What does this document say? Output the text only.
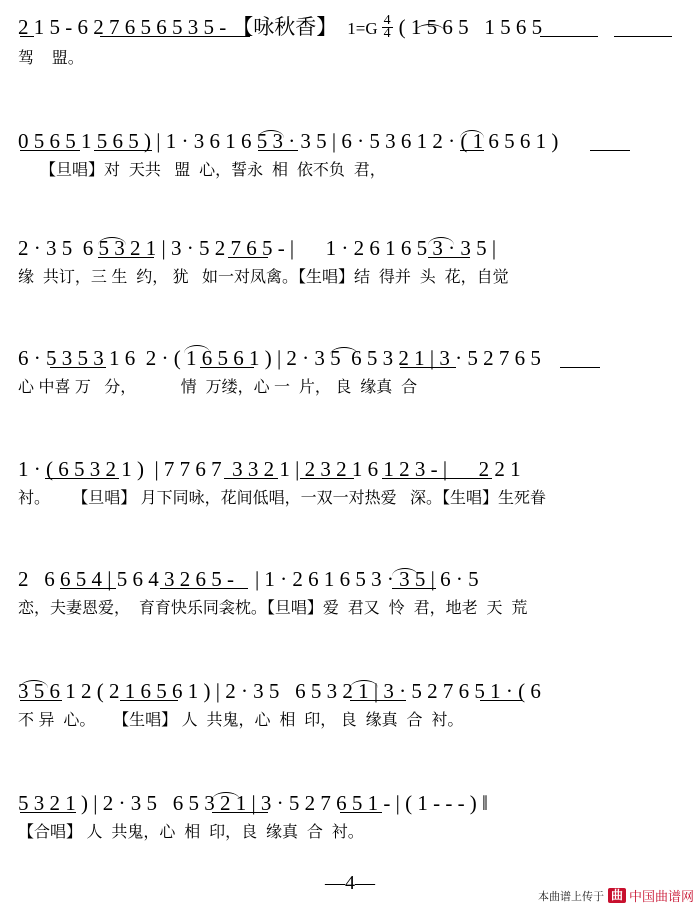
2 1 5 - 6 2 7 6 5 6 5 3 5 - 【咏秋香】 $1=G \frac{4}{4}$ ( 1 5 6 5   1 5 6 5
驾    盟。
0 5 6 5 1 5 6 5 ) | 1 · 3 6 1 6 5 3 · 3 5 | 6 · 5 3 6 1 2 · ( 1 6 5 6 1 )
【旦唱】对  天共   盟  心，誓永  相  依不负  君，
2 · 3 5  6 5 3 2 1 | 3 · 5 2 7 6 5 - |      1 · 2 6 1 6 5 3 · 3 5 |
缘  共订，三 生  约， 犹   如一对凤禽。【生唱】结  得并  头  花，自觉
6 · 5 3 5 3 1 6  2 · ( 1 6 5 6 1 ) | 2 · 3 5  6 5 3 2 1 | 3 · 5 2 7 6 5
心 中喜 万   分，          情  万缕，心 一  片， 良  缘真  合
1 · ( 6 5 3 2 1 )  | 7 7 6 7  3 3 2 1 | 2 3 2 1 6 1 2 3 - |      2 2 1
衬。     【旦唱】 月下同咏，花间低唱，一双一对热爱   深。【生唱】生死眷
2   6 6 5 4 | 5 6 4 3 2 6 5 -    | 1 · 2 6 1 6 5 3 · 3 5 | 6 · 5
恋，夫妻恩爱，  育育快乐同衾枕。【旦唱】爱  君又  怜  君，地老  天  荒
3 5 6 1 2 ( 2 1 6 5 6 1 ) | 2 · 3 5   6 5 3 2 1 | 3 · 5 2 7 6 5 1 · ( 6
不 异  心。    【生唱】 人  共鬼，心  相  印， 良  缘真  合  衬。
5 3 2 1 ) | 2 · 3 5   6 5 3 2 1 | 3 · 5 2 7 6 5 1 - | ( 1 - - - ) ‖
【合唱】 人  共鬼，心  相  印，良  缘真  合  衬。
—4—
本曲谱上传于 曲 中国曲谱网
